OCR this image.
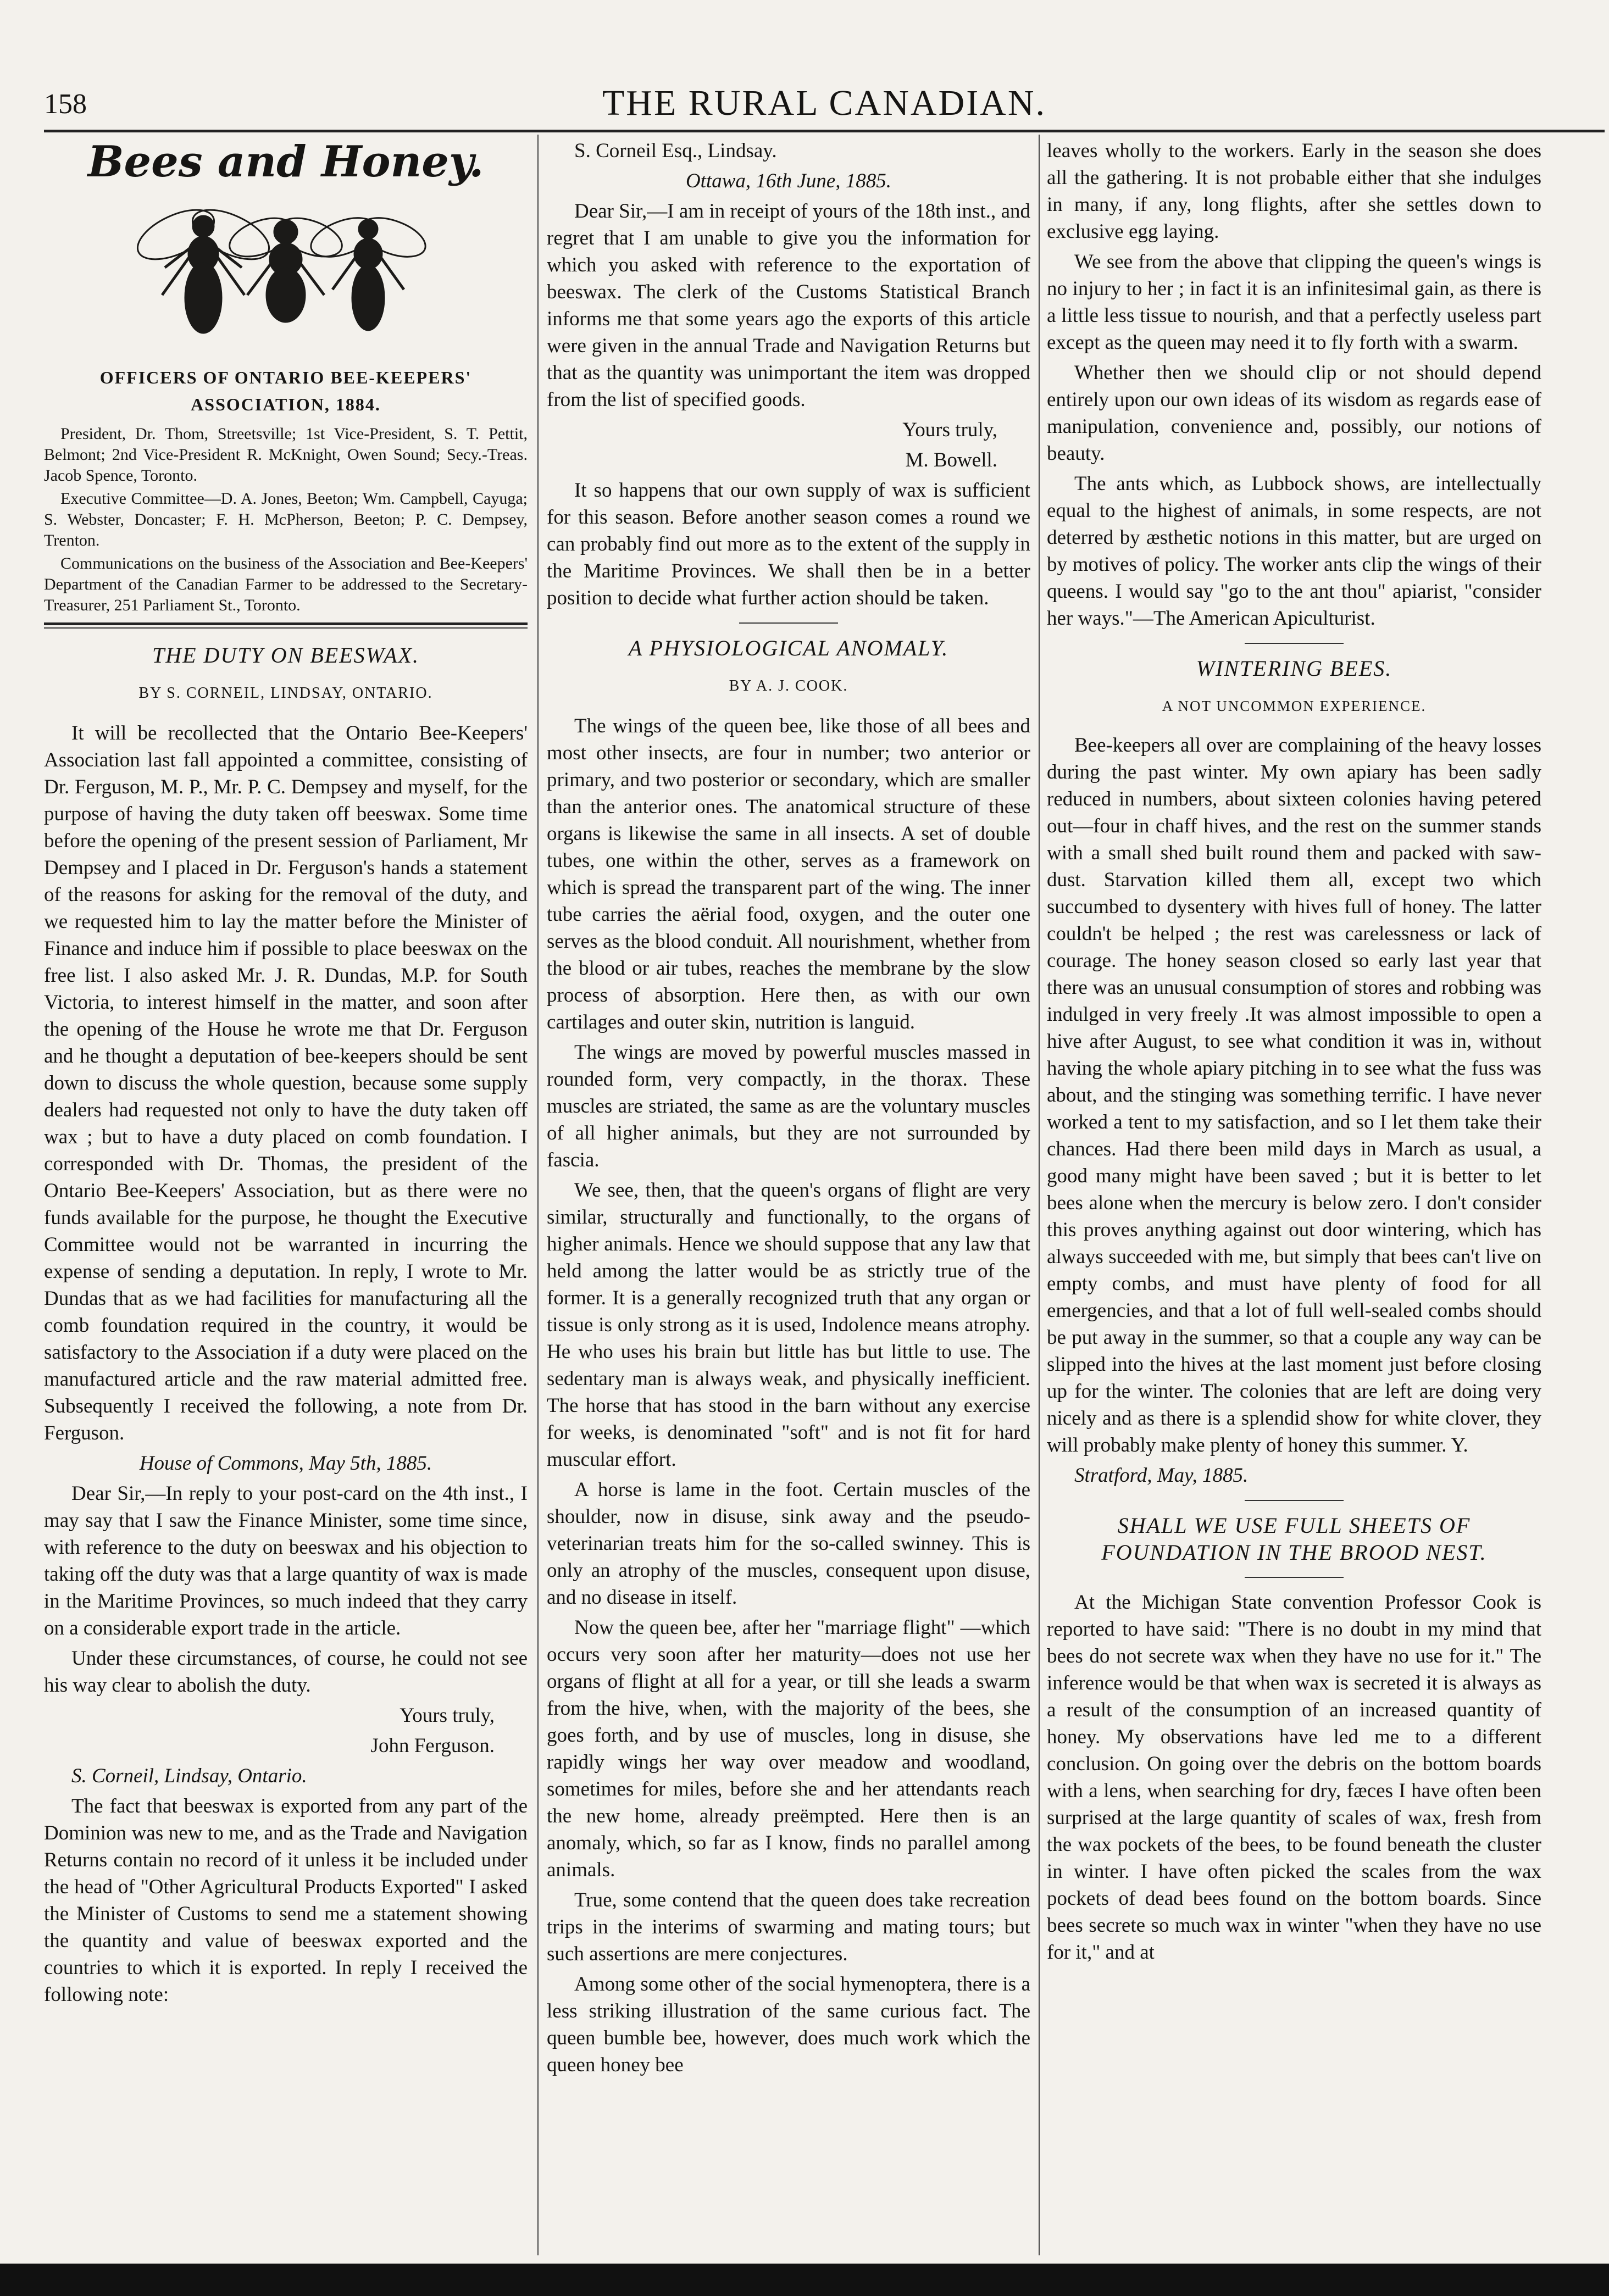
158	THE RURAL CANADIAN.
Bees and Honey.
OFFICERS OF ONTARIO BEE-KEEPERS' ASSOCIATION, 1884.

President, Dr. Thom, Streetsville; 1st Vice-President, S. T. Pettit, Belmont; 2nd Vice-President R. McKnight, Owen Sound; Secy.-Treas. Jacob Spence, Toronto.

Executive Committee—D. A. Jones, Beeton; Wm. Campbell, Cayuga; S. Webster, Doncaster; F. H. McPherson, Beeton; P. C. Dempsey, Trenton.

Communications on the business of the Association and Bee-Keepers' Department of the Canadian Farmer to be addressed to the Secretary-Treasurer, 251 Parliament St., Toronto.

THE DUTY ON BEESWAX.
BY S. CORNEIL, LINDSAY, ONTARIO.

It will be recollected that the Ontario Bee-Keepers' Association last fall appointed a committee, consisting of Dr. Ferguson, M. P., Mr. P. C. Dempsey and myself, for the purpose of having the duty taken off beeswax. Some time before the opening of the present session of Parliament, Mr Dempsey and I placed in Dr. Ferguson's hands a statement of the reasons for asking for the removal of the duty, and we requested him to lay the matter before the Minister of Finance and induce him if possible to place beeswax on the free list. I also asked Mr. J. R. Dundas, M.P. for South Victoria, to interest himself in the matter, and soon after the opening of the House he wrote me that Dr. Ferguson and he thought a deputation of bee-keepers should be sent down to discuss the whole question, because some supply dealers had requested not only to have the duty taken off wax ; but to have a duty placed on comb foundation. I corresponded with Dr. Thomas, the president of the Ontario Bee-Keepers' Association, but as there were no funds available for the purpose, he thought the Executive Committee would not be warranted in incurring the expense of sending a deputation. In reply, I wrote to Mr. Dundas that as we had facilities for manufacturing all the comb foundation required in the country, it would be satisfactory to the Association if a duty were placed on the manufactured article and the raw material admitted free. Subsequently I received the following, a note from Dr. Ferguson.

House of Commons, May 5th, 1885.

Dear Sir,—In reply to your post-card on the 4th inst., I may say that I saw the Finance Minister, some time since, with reference to the duty on beeswax and his objection to taking off the duty was that a large quantity of wax is made in the Maritime Provinces, so much indeed that they carry on a considerable export trade in the article.

Under these circumstances, of course, he could not see his way clear to abolish the duty.

Yours truly,

John Ferguson.

S. Corneil, Lindsay, Ontario.

The fact that beeswax is exported from any part of the Dominion was new to me, and as the Trade and Navigation Returns contain no record of it unless it be included under the head of "Other Agricultural Products Exported" I asked the Minister of Customs to send me a statement showing the quantity and value of beeswax exported and the countries to which it is exported. In reply I received the following note:

S. Corneil Esq., Lindsay.

Ottawa, 16th June, 1885.

Dear Sir,—I am in receipt of yours of the 18th inst., and regret that I am unable to give you the information for which you asked with reference to the exportation of beeswax. The clerk of the Customs Statistical Branch informs me that some years ago the exports of this article were given in the annual Trade and Navigation Returns but that as the quantity was unimportant the item was dropped from the list of specified goods.

Yours truly,

M. Bowell.

It so happens that our own supply of wax is sufficient for this season. Before another season comes a round we can probably find out more as to the extent of the supply in the Maritime Provinces. We shall then be in a better position to decide what further action should be taken.

A PHYSIOLOGICAL ANOMALY.
BY A. J. COOK.

The wings of the queen bee, like those of all bees and most other insects, are four in number; two anterior or primary, and two posterior or secondary, which are smaller than the anterior ones. The anatomical structure of these organs is likewise the same in all insects. A set of double tubes, one within the other, serves as a framework on which is spread the transparent part of the wing. The inner tube carries the aërial food, oxygen, and the outer one serves as the blood conduit. All nourishment, whether from the blood or air tubes, reaches the membrane by the slow process of absorption. Here then, as with our own cartilages and outer skin, nutrition is languid.

The wings are moved by powerful muscles massed in rounded form, very compactly, in the thorax. These muscles are striated, the same as are the voluntary muscles of all higher animals, but they are not surrounded by fascia.

We see, then, that the queen's organs of flight are very similar, structurally and functionally, to the organs of higher animals. Hence we should suppose that any law that held among the latter would be as strictly true of the former. It is a generally recognized truth that any organ or tissue is only strong as it is used, Indolence means atrophy. He who uses his brain but little has but little to use. The sedentary man is always weak, and physically inefficient. The horse that has stood in the barn without any exercise for weeks, is denominated "soft" and is not fit for hard muscular effort.

A horse is lame in the foot. Certain muscles of the shoulder, now in disuse, sink away and the pseudo-veterinarian treats him for the so-called swinney. This is only an atrophy of the muscles, consequent upon disuse, and no disease in itself.

Now the queen bee, after her "marriage flight" —which occurs very soon after her maturity—does not use her organs of flight at all for a year, or till she leads a swarm from the hive, when, with the majority of the bees, she goes forth, and by use of muscles, long in disuse, she rapidly wings her way over meadow and woodland, sometimes for miles, before she and her attendants reach the new home, already preëmpted. Here then is an anomaly, which, so far as I know, finds no parallel among animals.

True, some contend that the queen does take recreation trips in the interims of swarming and mating tours; but such assertions are mere conjectures.

Among some other of the social hymenoptera, there is a less striking illustration of the same curious fact. The queen bumble bee, however, does much work which the queen honey bee

leaves wholly to the workers. Early in the season she does all the gathering. It is not probable either that she indulges in many, if any, long flights, after she settles down to exclusive egg laying.

We see from the above that clipping the queen's wings is no injury to her ; in fact it is an infinitesimal gain, as there is a little less tissue to nourish, and that a perfectly useless part except as the queen may need it to fly forth with a swarm.

Whether then we should clip or not should depend entirely upon our own ideas of its wisdom as regards ease of manipulation, convenience and, possibly, our notions of beauty.

The ants which, as Lubbock shows, are intellectually equal to the highest of animals, in some respects, are not deterred by æsthetic notions in this matter, but are urged on by motives of policy. The worker ants clip the wings of their queens. I would say "go to the ant thou" apiarist, "consider her ways."—The American Apiculturist.

WINTERING BEES.
A NOT UNCOMMON EXPERIENCE.

Bee-keepers all over are complaining of the heavy losses during the past winter. My own apiary has been sadly reduced in numbers, about sixteen colonies having petered out—four in chaff hives, and the rest on the summer stands with a small shed built round them and packed with saw-dust. Starvation killed them all, except two which succumbed to dysentery with hives full of honey. The latter couldn't be helped ; the rest was carelessness or lack of courage. The honey season closed so early last year that there was an unusual consumption of stores and robbing was indulged in very freely .It was almost impossible to open a hive after August, to see what condition it was in, without having the whole apiary pitching in to see what the fuss was about, and the stinging was something terrific. I have never worked a tent to my satisfaction, and so I let them take their chances. Had there been mild days in March as usual, a good many might have been saved ; but it is better to let bees alone when the mercury is below zero. I don't consider this proves anything against out door wintering, which has always succeeded with me, but simply that bees can't live on empty combs, and must have plenty of food for all emergencies, and that a lot of full well-sealed combs should be put away in the summer, so that a couple any way can be slipped into the hives at the last moment just before closing up for the winter. The colonies that are left are doing very nicely and as there is a splendid show for white clover, they will probably make plenty of honey this summer. Y.

Stratford, May, 1885.

SHALL WE USE FULL SHEETS OF FOUNDATION IN THE BROOD NEST.

At the Michigan State convention Professor Cook is reported to have said: "There is no doubt in my mind that bees do not secrete wax when they have no use for it." The inference would be that when wax is secreted it is always as a result of the consumption of an increased quantity of honey. My observations have led me to a different conclusion. On going over the debris on the bottom boards with a lens, when searching for dry, fæces I have often been surprised at the large quantity of scales of wax, fresh from the wax pockets of the bees, to be found beneath the cluster in winter. I have often picked the scales from the wax pockets of dead bees found on the bottom boards. Since bees secrete so much wax in winter "when they have no use for it," and at
